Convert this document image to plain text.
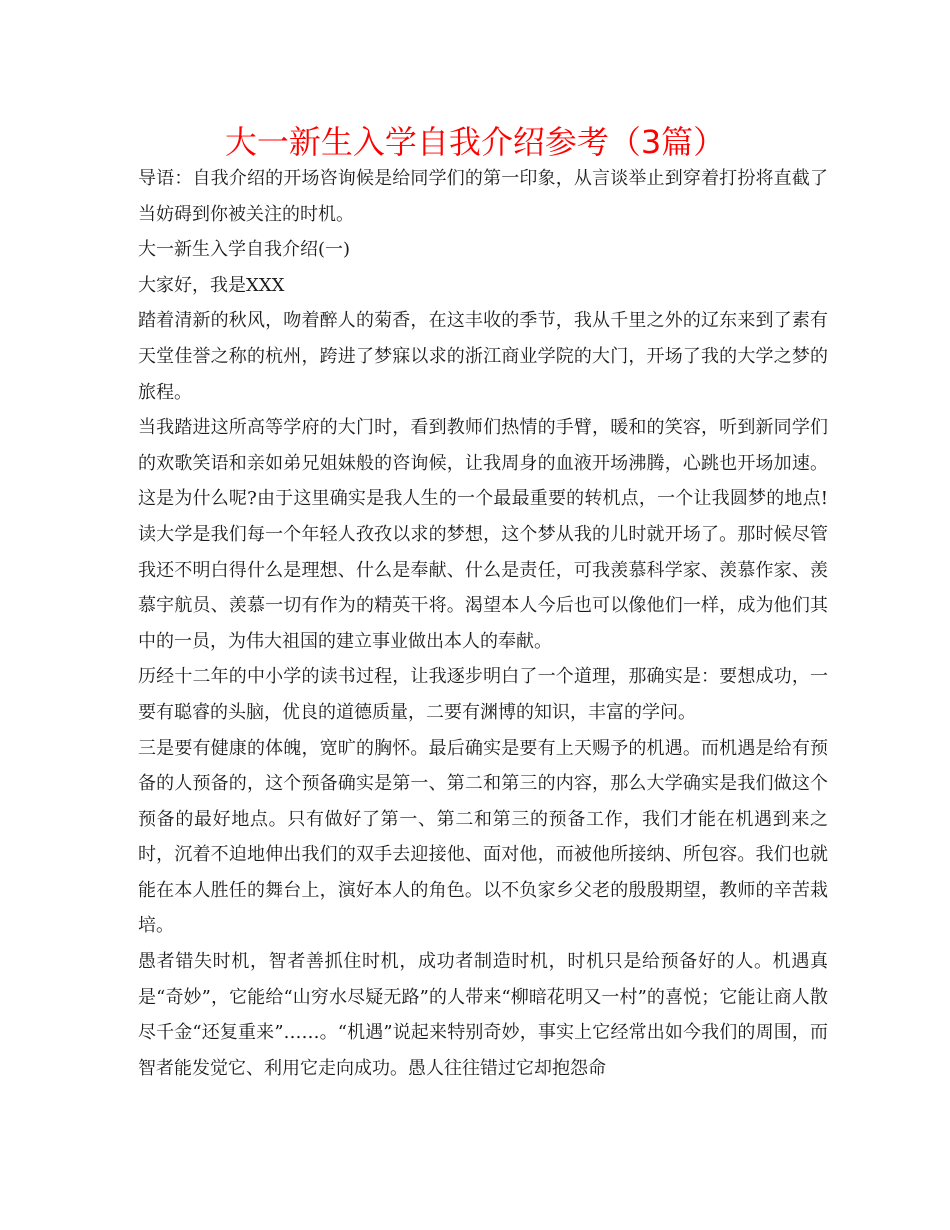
大一新生入学自我介绍参考（3篇）

导语：自我介绍的开场咨询候是给同学们的第一印象，从言谈举止到穿着打扮将直截了当妨碍到你被关注的时机。

大一新生入学自我介绍(一)

大家好，我是XXX

踏着清新的秋风，吻着醉人的菊香，在这丰收的季节，我从千里之外的辽东来到了素有天堂佳誉之称的杭州，跨进了梦寐以求的浙江商业学院的大门，开场了我的大学之梦的旅程。

当我踏进这所高等学府的大门时，看到教师们热情的手臂，暖和的笑容，听到新同学们的欢歌笑语和亲如弟兄姐妹般的咨询候，让我周身的血液开场沸腾，心跳也开场加速。这是为什么呢?由于这里确实是我人生的一个最最重要的转机点，一个让我圆梦的地点!读大学是我们每一个年轻人孜孜以求的梦想，这个梦从我的儿时就开场了。那时候尽管我还不明白得什么是理想、什么是奉献、什么是责任，可我羡慕科学家、羡慕作家、羡慕宇航员、羡慕一切有作为的精英干将。渴望本人今后也可以像他们一样，成为他们其中的一员，为伟大祖国的建立事业做出本人的奉献。

历经十二年的中小学的读书过程，让我逐步明白了一个道理，那确实是：要想成功，一要有聪睿的头脑，优良的道德质量，二要有渊博的知识，丰富的学问。

三是要有健康的体魄，宽旷的胸怀。最后确实是要有上天赐予的机遇。而机遇是给有预备的人预备的，这个预备确实是第一、第二和第三的内容，那么大学确实是我们做这个预备的最好地点。只有做好了第一、第二和第三的预备工作，我们才能在机遇到来之时，沉着不迫地伸出我们的双手去迎接他、面对他，而被他所接纳、所包容。我们也就能在本人胜任的舞台上，演好本人的角色。以不负家乡父老的殷殷期望，教师的辛苦栽培。

愚者错失时机，智者善抓住时机，成功者制造时机，时机只是给预备好的人。机遇真是“奇妙”，它能给“山穷水尽疑无路”的人带来“柳暗花明又一村”的喜悦；它能让商人散尽千金“还复重来”……。“机遇”说起来特别奇妙，事实上它经常出如今我们的周围，而智者能发觉它、利用它走向成功。愚人往往错过它却抱怨命
